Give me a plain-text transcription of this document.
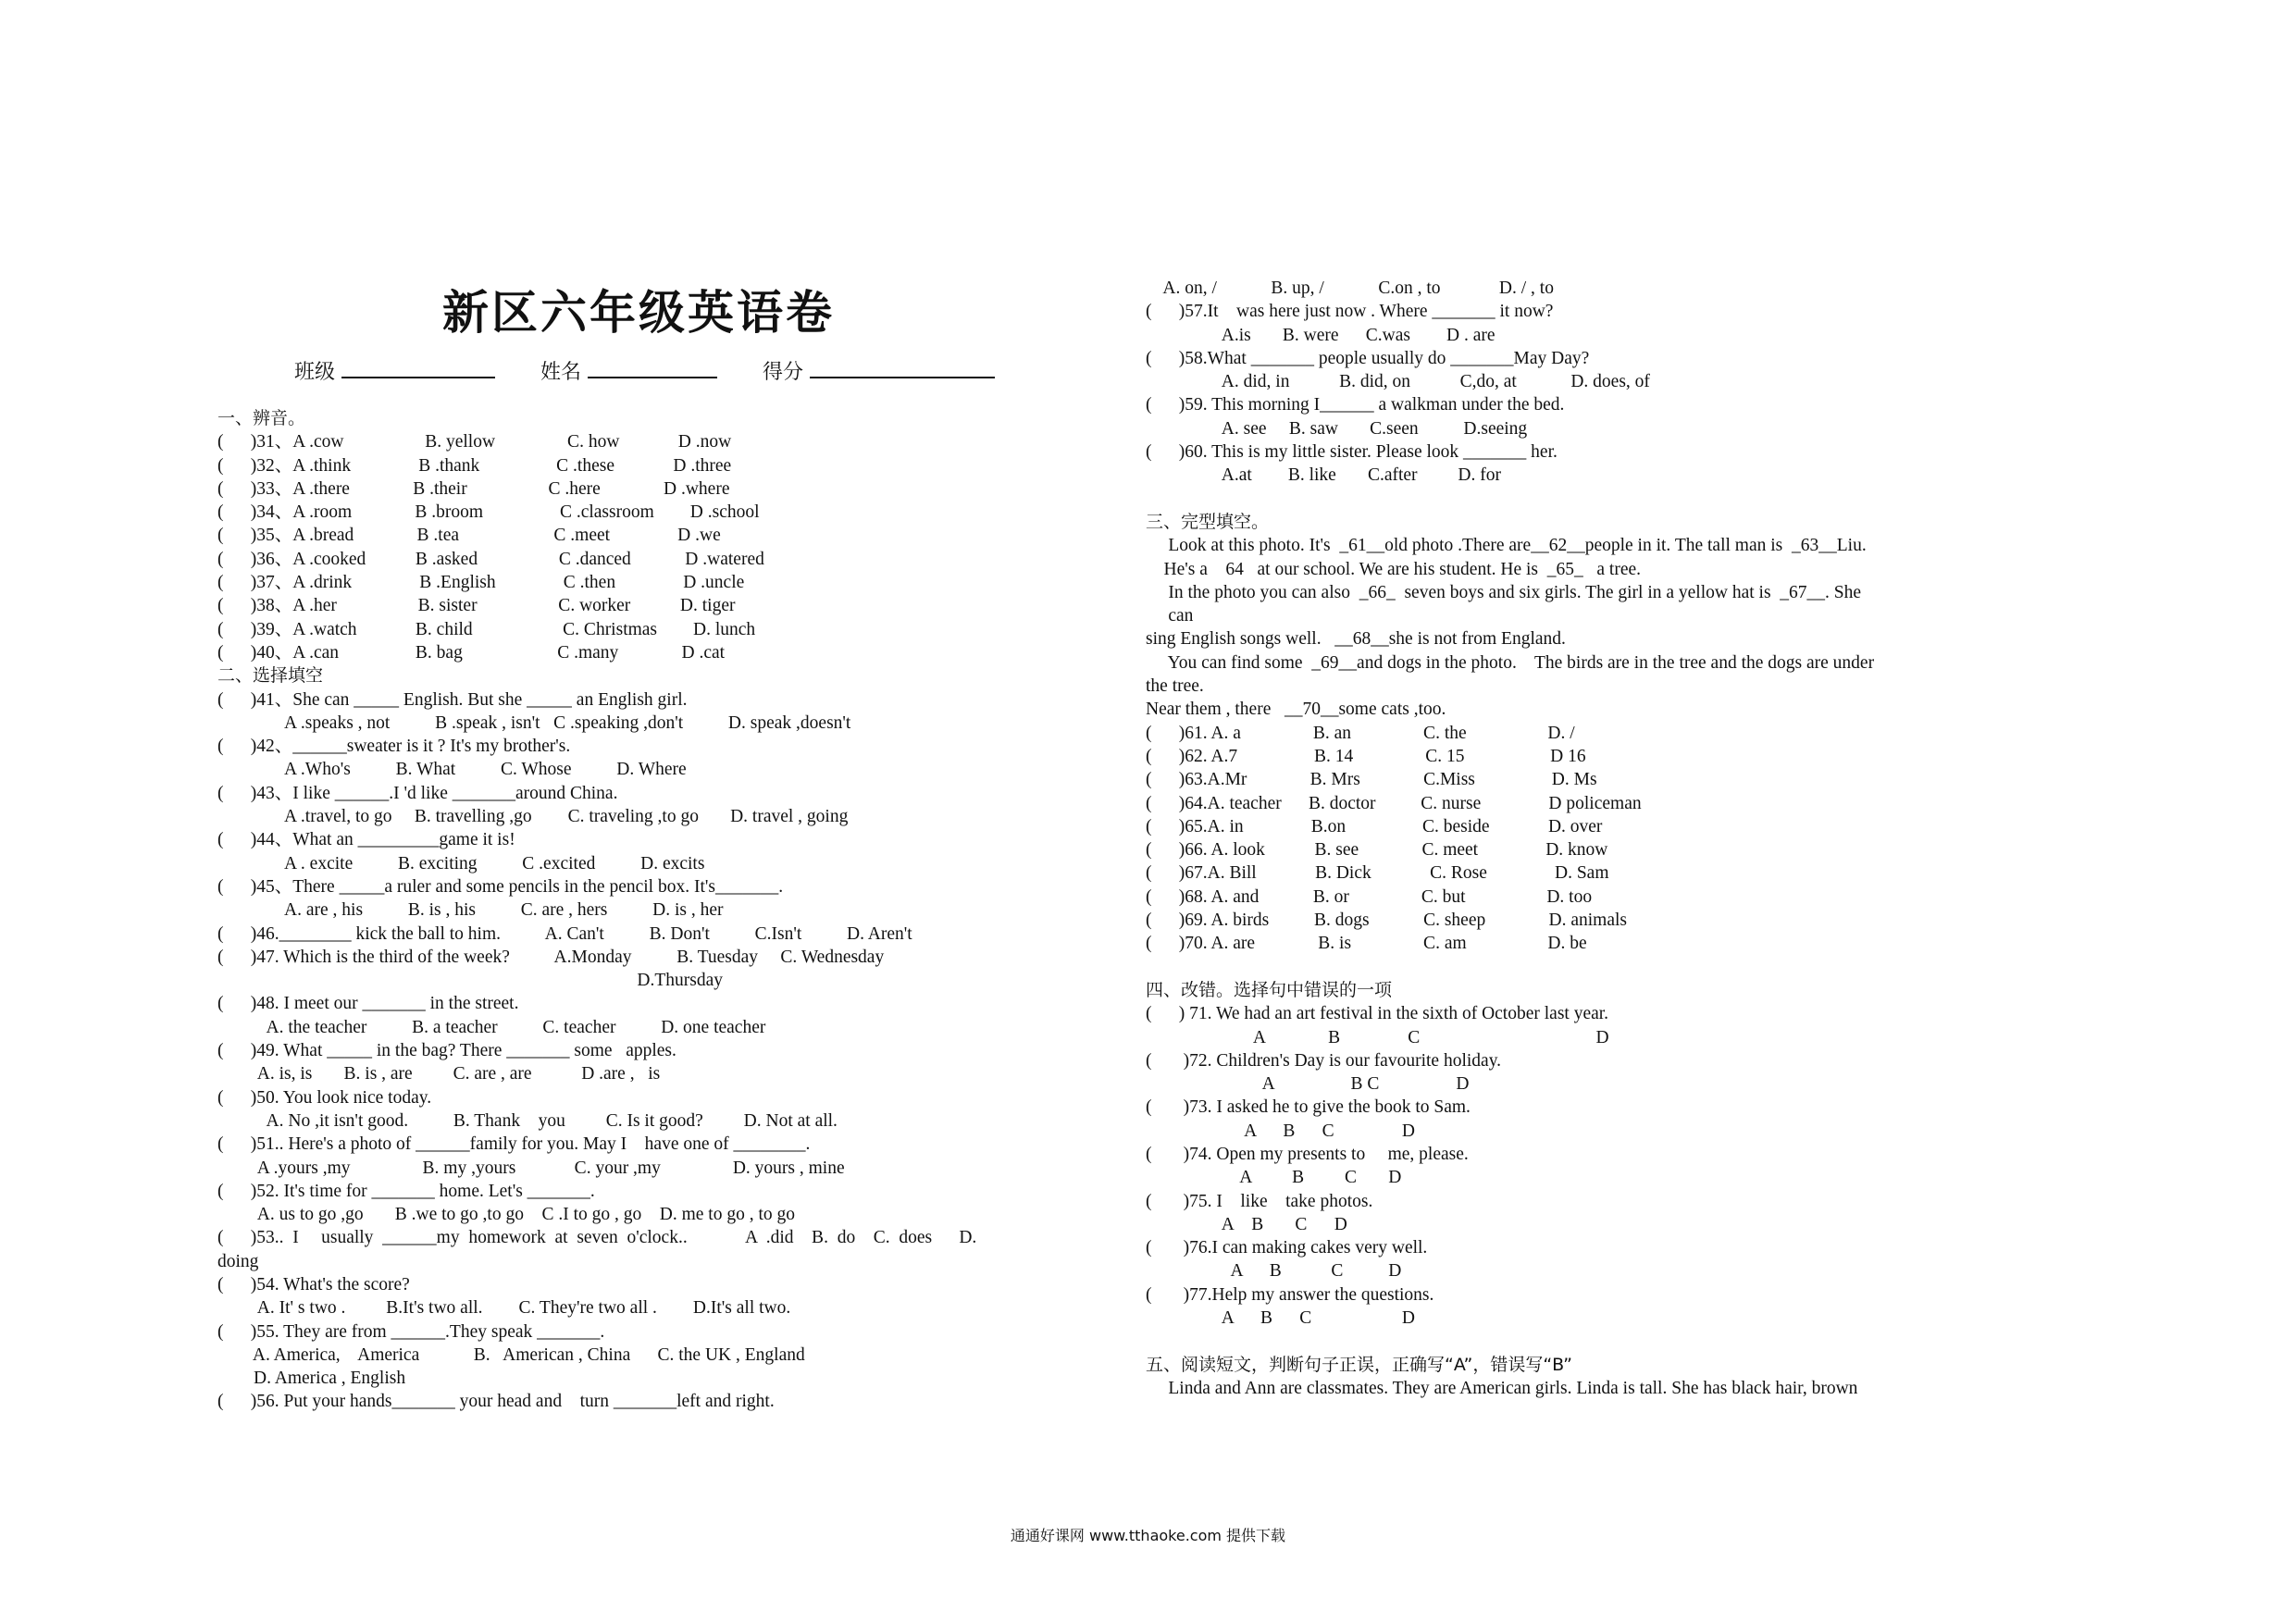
新区六年级英语卷
班级	姓名	得分
一、辨音。
(      )31、A .cow                  B. yellow                C. how             D .now
(      )32、A .think               B .thank                 C .these             D .three
(      )33、A .there              B .their                  C .here              D .where
(      )34、A .room              B .broom                 C .classroom        D .school
(      )35、A .bread              B .tea                     C .meet               D .we
(      )36、A .cooked           B .asked                  C .danced            D .watered
(      )37、A .drink               B .English               C .then               D .uncle
(      )38、A .her                  B. sister                  C. worker           D. tiger
(      )39、A .watch             B. child                    C. Christmas        D. lunch
(      )40、A .can                 B. bag                     C .many              D .cat
二、选择填空
(      )41、She can _____ English. But she _____ an English girl.
A .speaks , not          B .speak , isn't   C .speaking ,don't          D. speak ,doesn't
(      )42、______sweater is it ? It's my brother's.
A .Who's          B. What          C. Whose          D. Where
(      )43、I like ______.I 'd like _______around China.
A .travel, to go     B. travelling ,go        C. traveling ,to go       D. travel , going
(      )44、What an _________game it is!
A . excite          B. exciting          C .excited          D. excits
(      )45、There _____a ruler and some pencils in the pencil box. It's_______.
A. are , his          B. is , his          C. are , hers          D. is , her
(      )46.________ kick the ball to him.          A. Can't          B. Don't          C.Isn't          D. Aren't
(      )47. Which is the third of the week?          A.Monday          B. Tuesday     C. Wednesday
D.Thursday
(      )48. I meet our _______ in the street.
A. the teacher          B. a teacher          C. teacher          D. one teacher
(      )49. What _____ in the bag? There _______ some   apples.
A. is, is       B. is , are         C. are , are           D .are ,   is
(      )50. You look nice today.
A. No ,it isn't good.          B. Thank    you         C. Is it good?         D. Not at all.
(      )51.. Here's a photo of ______family for you. May I    have one of ________.
A .yours ,my                B. my ,yours             C. your ,my                D. yours , mine
(      )52. It's time for _______ home. Let's _______.
A. us to go ,go       B .we to go ,to go    C .I to go , go    D. me to go , to go
(      )53..  I     usually  ______my  homework  at  seven  o'clock..             A  .did    B.  do    C.  does      D.
doing
(      )54. What's the score?
A. It' s two .         B.It's two all.        C. They're two all .        D.It's all two.
(      )55. They are from ______.They speak _______.
A. America,    America            B.   American , China      C. the UK , England
D. America , English
(      )56. Put your hands_______ your head and    turn _______left and right.
A. on, /            B. up, /            C.on , to             D. / , to
(      )57.It    was here just now . Where _______ it now?
A.is       B. were      C.was        D . are
(      )58.What _______ people usually do _______May Day?
A. did, in           B. did, on           C,do, at            D. does, of
(      )59. This morning I______ a walkman under the bed.
A. see     B. saw       C.seen          D.seeing
(      )60. This is my little sister. Please look _______ her.
A.at        B. like       C.after         D. for
三、完型填空。
Look at this photo. It's  _61__old photo .There are__62__people in it. The tall man is  _63__Liu.
He's a    64   at our school. We are his student. He is  _65_   a tree.
In the photo you can also  _66_  seven boys and six girls. The girl in a yellow hat is  _67__. She
can
sing English songs well.   __68__she is not from England.
You can find some  _69__and dogs in the photo.    The birds are in the tree and the dogs are under
the tree.
Near them , there   __70__some cats ,too.
(      )61. A. a                B. an                C. the                  D. /
(      )62. A.7                 B. 14                C. 15                   D 16
(      )63.A.Mr              B. Mrs              C.Miss                 D. Ms
(      )64.A. teacher      B. doctor          C. nurse               D policeman
(      )65.A. in               B.on                 C. beside             D. over
(      )66. A. look           B. see              C. meet               D. know
(      )67.A. Bill             B. Dick             C. Rose               D. Sam
(      )68. A. and            B. or                C. but                  D. too
(      )69. A. birds          B. dogs            C. sheep              D. animals
(      )70. A. are              B. is                C. am                  D. be
四、改错。选择句中错误的一项
(      ) 71. We had an art festival in the sixth of October last year.
A              B               C                                       D
(       )72. Children's Day is our favourite holiday.
A                 B C                 D
(       )73. I asked he to give the book to Sam.
A      B      C               D
(       )74. Open my presents to     me, please.
A         B         C       D
(       )75. I    like    take photos.
A    B       C      D
(       )76.I can making cakes very well.
A      B           C          D
(       )77.Help my answer the questions.
A      B      C                    D
五、阅读短文，判断句子正误，正确写“A”，错误写“B”
Linda and Ann are classmates. They are American girls. Linda is tall. She has black hair, brown
通通好课网 www.tthaoke.com 提供下载
